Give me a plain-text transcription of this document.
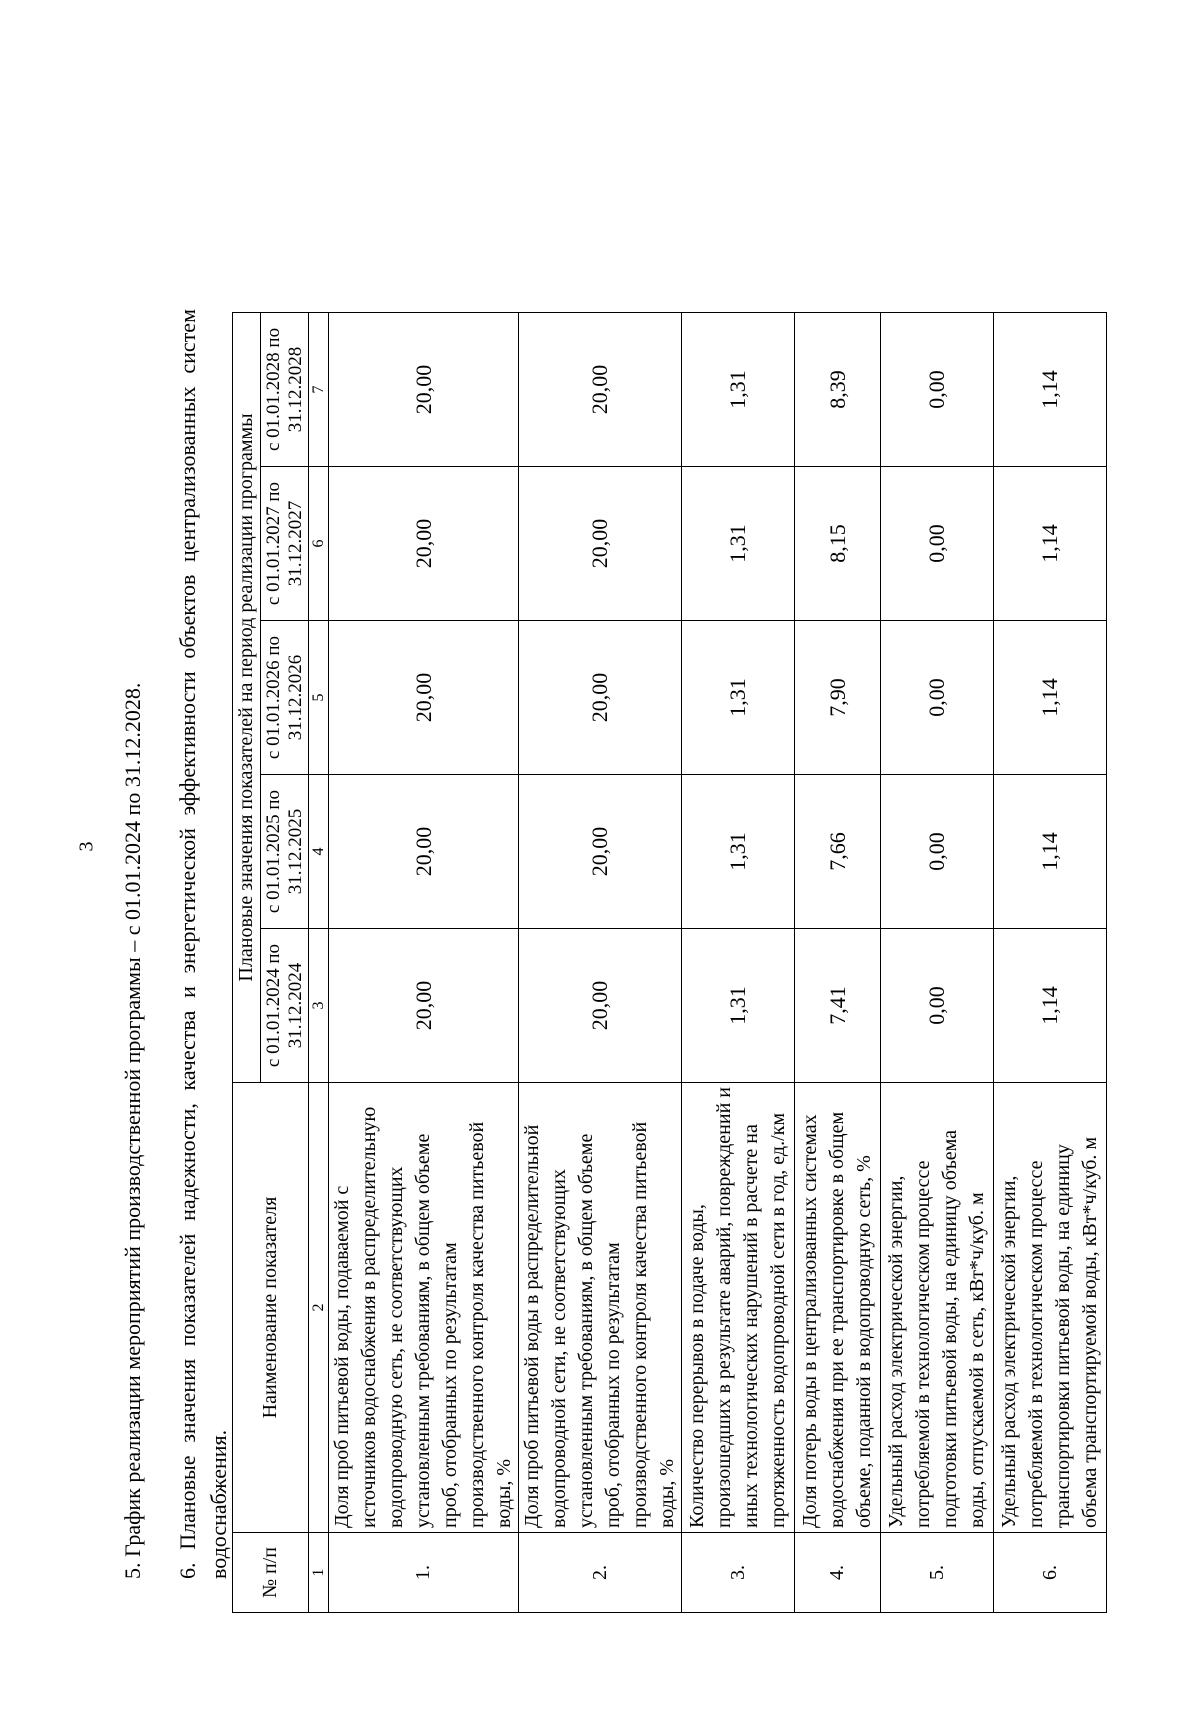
3 5. График реализации мероприятий производственной программы – с 01.01.2024 по 31.12.2028. 6. Плановые значения показателей надежности, качества и энергетической эффективности объектов централизованных систем водоснабжения. № п/п	Наименование показателя	Плановые значения показателей на период реализации программы				
		с 01.01.2024 по 31.12.2024	с 01.01.2025 по 31.12.2025	с 01.01.2026 по 31.12.2026	с 01.01.2027 по 31.12.2027	с 01.01.2028 по 31.12.2028
1	2	3	4	5	6	7
1.	Доля проб питьевой воды, подаваемой с источников водоснабжения в распределительную водопроводную сеть, не соответствующих установленным требованиям, в общем объеме проб, отобранных по результатам производственного контроля качества питьевой воды, %	20,00	20,00	20,00	20,00	20,00
2.	Доля проб питьевой воды в распределительной водопроводной сети, не соответствующих установленным требованиям, в общем объеме проб, отобранных по результатам производственного контроля качества питьевой воды, %	20,00	20,00	20,00	20,00	20,00
3.	Количество перерывов в подаче воды, произошедших в результате аварий, повреждений и иных технологических нарушений в расчете на протяженность водопроводной сети в год, ед./км	1,31	1,31	1,31	1,31	1,31
4.	Доля потерь воды в централизованных системах водоснабжения при ее транспортировке в общем объеме, поданной в водопроводную сеть, %	7,41	7,66	7,90	8,15	8,39
5.	Удельный расход электрической энергии, потребляемой в технологическом процессе подготовки питьевой воды, на единицу объема воды, отпускаемой в сеть, кВт*ч/куб. м	0,00	0,00	0,00	0,00	0,00
6.	Удельный расход электрической энергии, потребляемой в технологическом процессе транспортировки питьевой воды, на единицу объема транспортируемой воды, кВт*ч/куб. м	1,14	1,14	1,14	1,14	1,14
